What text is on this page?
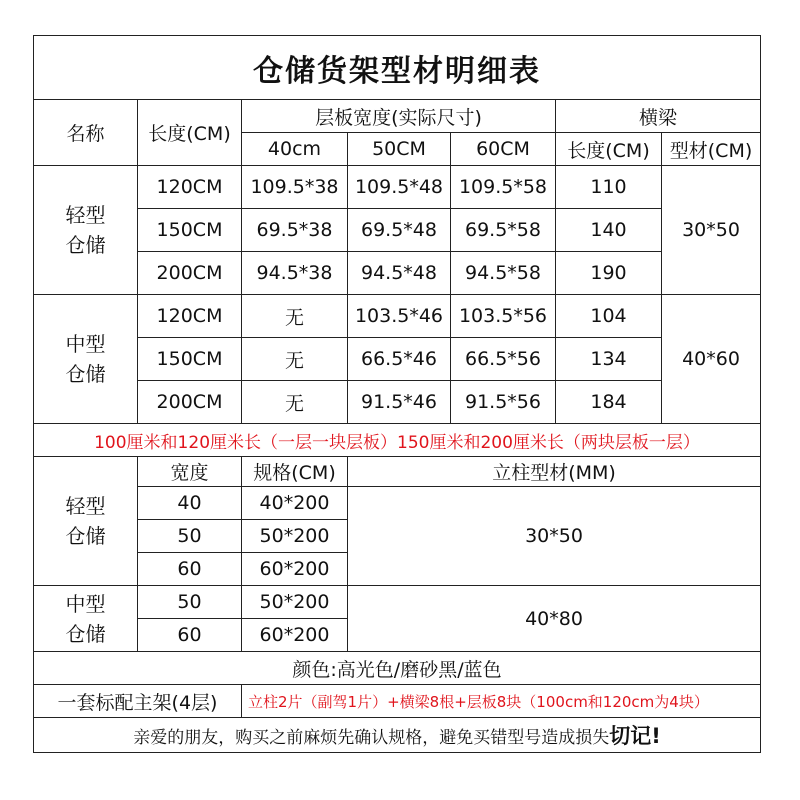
仓储货架型材明细表						
名称	长度(CM)	层板宽度(实际尺寸)			横梁	
		40cm	50CM	60CM	长度(CM)	型材(CM)
轻型
仓储	120CM	109.5*38	109.5*48	109.5*58	110	30*50
	150CM	69.5*38	69.5*48	69.5*58	140	
	200CM	94.5*38	94.5*48	94.5*58	190	
中型
仓储	120CM	无	103.5*46	103.5*56	104	40*60
	150CM	无	66.5*46	66.5*56	134	
	200CM	无	91.5*46	91.5*56	184	
100厘米和120厘米长（一层一块层板）150厘米和200厘米长（两块层板一层）						
轻型
仓储	宽度	规格(CM)	立柱型材(MM)			
	40	40*200	30*50			
	50	50*200				
	60	60*200				
中型
仓储	50	50*200	40*80			
	60	60*200				
颜色:高光色/磨砂黑/蓝色						
一套标配主架(4层)		立柱2片（副驾1片）+横梁8根+层板8块（100cm和120cm为4块）				
亲爱的朋友，购买之前麻烦先确认规格，避免买错型号造成损失切记!						
